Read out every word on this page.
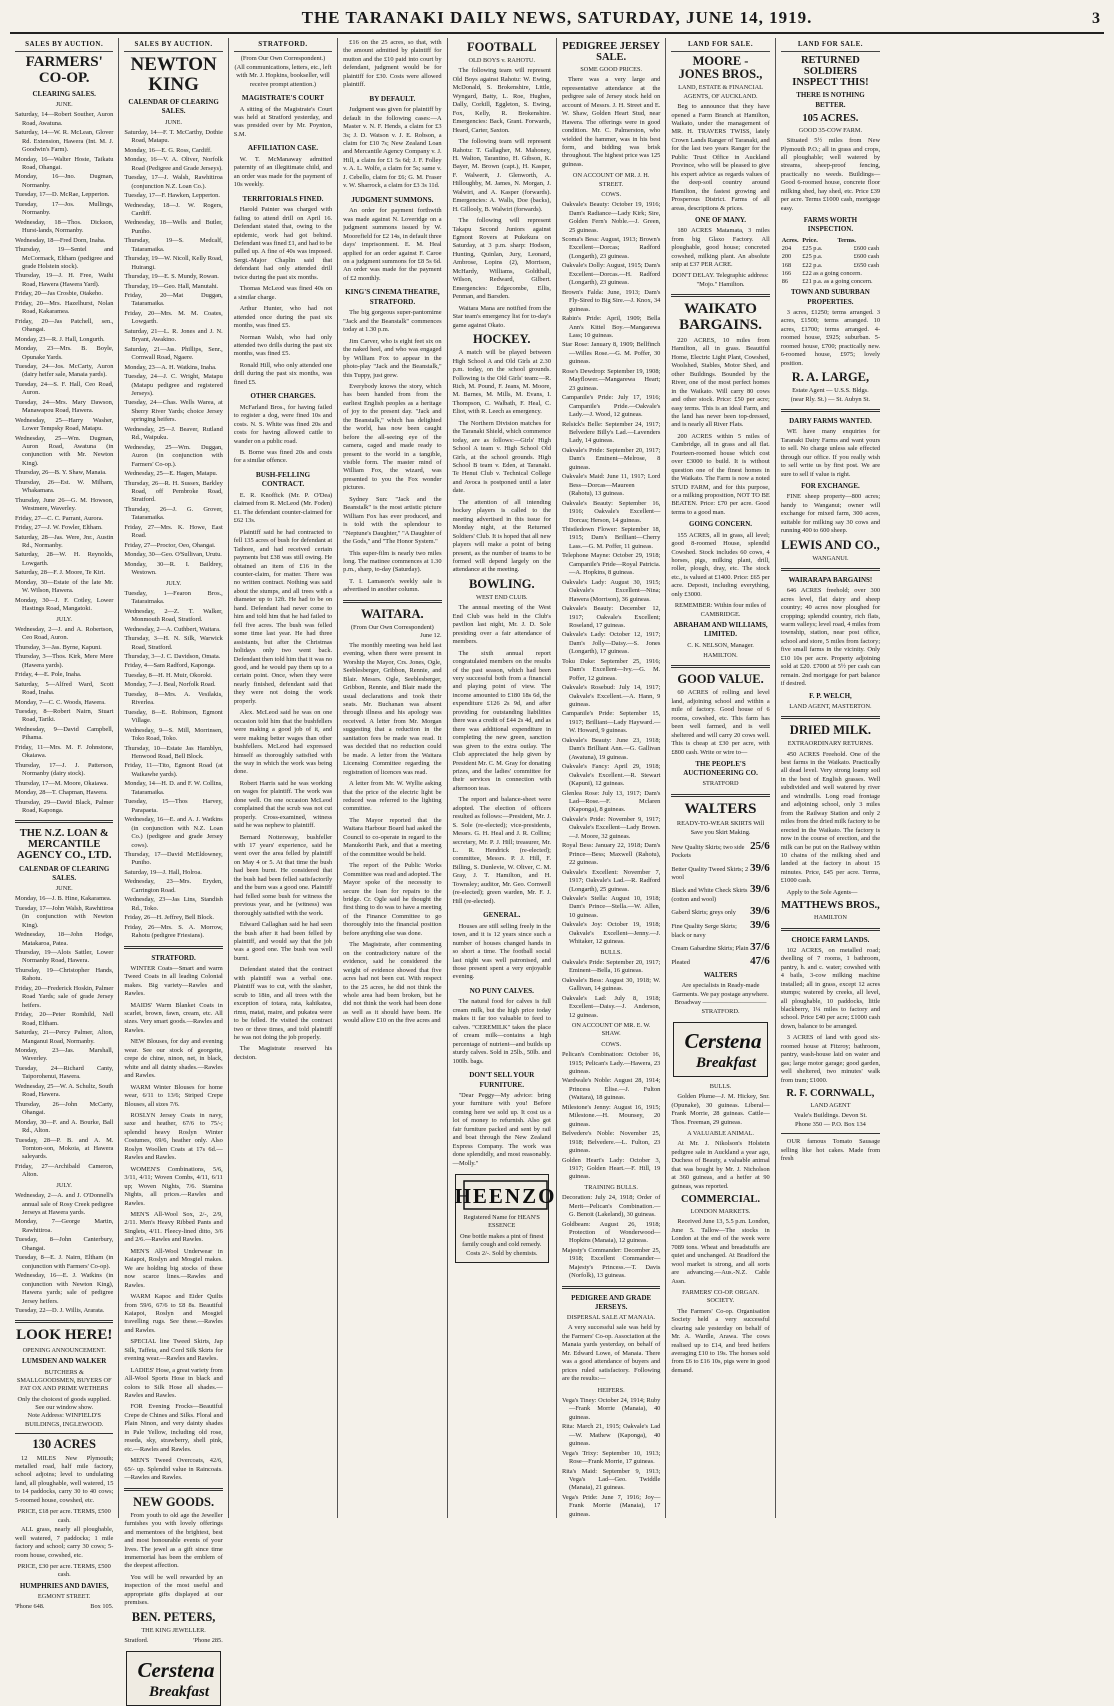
THE TARANAKI DAILY NEWS, SATURDAY, JUNE 14, 1919.	3
SALES BY AUCTION.
FARMERS' CO-OP.
CLEARING SALES.
JUNE.
Saturday, 14—Robert Souther, Auron Road, Awatuna.
Saturday, 14—W. R. McLean, Glover Rd. Extension, Hawera (Int. M. J. Goodwin's Farm).
Monday, 16—Walter Hoste, Taikatu Road, Ohangai.
Monday, 16—Jno. Dugman, Normanby.
Tuesday, 17—D. McRae, Lepperton.
Tuesday, 17—Jos. Mullings, Normanby.
Wednesday, 18—Thos. Dickson, Hurst-lands, Normanby.
Wednesday, 18—Fred Dorn, Inaha.
Thursday, 19—Sentel and McCormack, Eltham (pedigree and grade Holstein stock).
Thursday, 19—J. H. Free, Waihi Road, Hawera (Hawera Yard).
Friday, 20—Jas Crosbie, Otakeho.
Friday, 20—Mrs. Hazelhurst, Nolan Road, Kakaramea.
Friday, 20—Jas Patchell, sen., Ohangai.
Monday, 23—R. J. Hall, Longurth.
Monday, 23—Mrs. B. Boyle, Opunake Yards.
Tuesday, 24—Jos. McCarty, Auron (dairy heifer sale, Manaia yards).
Tuesday, 24—S. F. Hall, Ceo Road, Auron.
Tuesday, 24—Mrs. Mary Dawson, Manawapou Road, Hawera.
Wednesday, 25—Harry Washer, Lower Tempsky Road, Matapu.
Wednesday, 25—Wm. Dugman, Auron Road, Awatuna (in conjunction with Mr. Newton King).
Thursday, 26—B. Y. Shaw, Manaia.
Thursday, 26—Est. W. Milham, Whakamara.
Thursday, June 26—G. M. Howson, Westmere, Waverley.
Friday, 27—C. C. Parrant, Aurora.
Friday, 27—J. W. Fowler, Eltham.
Saturday, 28—Jas. Were, Jnr., Austin Rd., Normanby.
Saturday, 28—W. H. Reynolds, Lowgarth.
Saturday, 28—F. J. Moore, Te Kiri.
Monday, 30—Estate of the late Mr. W. Wilson, Hawera.
Monday, 30—J. F. Cotley, Lower Hastings Road, Mangatoki.
JULY.
Wednesday, 2—J. and A. Robertson, Ceo Road, Auron.
Thursday, 3—Jas. Byrne, Kapuni.
Thursday, 3—Thos. Kirk, Mere Mere (Hawera yards).
Friday, 4—E. Pole, Inaha.
Saturday, 5—Alfred Ward, Scott Road, Inaha.
Monday, 7—C. C. Woods, Hawera.
Tuesday, 8—Robert Nairn, Stuart Road, Tariki.
Wednesday, 9—David Campbell, Pihama.
Friday, 11—Mrs. M. F. Johnstone, Okaiawa.
Thursday, 17—J. J. Patterson, Normanby (dairy stock).
Thursday, 17—M. Moore, Okaiawa.
Monday, 28—T. Chapman, Hawera.
Thursday, 29—David Black, Palmer Road, Kaponga.
THE N.Z. LOAN & MERCANTILE AGENCY CO., LTD.
CALENDAR OF CLEARING SALES.
JUNE.
Monday, 16—J. B. Hine, Kakaramea.
Tuesday, 17—John Walsh, Rawhitiroa (in conjunction with Newton King).
Wednesday, 18—John Hodge, Matakaroa, Patea.
Thursday, 19—Alois Sattler, Lower Normanby Road, Hawera.
Thursday, 19—Christopher Hands, Rahotu.
Friday, 20—Frederick Hoskin, Palmer Road Yards; sale of grade Jersey heifers.
Friday, 20—Peter Romhild, Nell Road, Eltham.
Saturday, 21—Percy Palmer, Alton, Manganui Road, Normanby.
Monday, 23—Jas. Marshall, Waverley.
Tuesday, 24—Richard Canty, Taiporohenui, Hawera.
Wednesday, 25—W. A. Schultz, South Road, Hawera.
Thursday, 26—John McCarty, Ohangai.
Monday, 30—F. and A. Bourke, Ball Rd., Alton.
Tuesday, 28—P. B. and A. M. Tornton-son, Mokoia, at Hawera saleyards.
Friday, 27—Archibald Cameron, Alton.
JULY.
Wednesday, 2—A. and J. O'Donnell's annual sale of Rosy Creek pedigree Jerseys at Hawera yards.
Monday, 7—George Martin, Rawhitiroa.
Tuesday, 8—John Canterbury, Ohangai.
Tuesday, 8—E. J. Nairn, Eltham (in conjunction with Farmers' Co-op).
Wednesday, 16—E. J. Watkins (in conjunction with Newton King), Hawera yards; sale of pedigree Jersey heifers.
Tuesday, 22—D. J. Willis, Ararata.
LOOK HERE!
OPENING ANNOUNCEMENT.
LUMSDEN AND WALKER
BUTCHERS & SMALLGOODSMEN, BUYERS OF FAT OX AND PRIME WETHERS
Only the choicest of goods supplied. See our window show.
Note Address: WINFIELD'S BUILDINGS, INGLEWOOD.
130 ACRES
12 MILES New Plymouth; metalled road, half mile factory, school adjoins; level to undulating land, all ploughable, well watered, 15 to 14 paddocks, carry 30 to 40 cows; 5-roomed house, cowshed, etc.
PRICE, £18 per acre. TERMS, £500 cash.
ALL grass, nearly all ploughable, well watered, 7 paddocks; 1 mile factory and school; carry 30 cows; 5-room house, cowshed, etc.
PRICE, £30 per acre. TERMS, £500 cash.
HUMPHRIES AND DAVIES,
EGMONT STREET.
'Phone 648.	Box 105.
SALES BY AUCTION.
NEWTON KING
CALENDAR OF CLEARING SALES.
JUNE.
Saturday, 14—F. T. McCarthy, Dothie Road, Matapu.
Monday, 16—E. G. Ross, Cardiff.
Monday, 16—V. A. Oliver, Norfolk Road (Pedigree and Grade Jerseys).
Tuesday, 17—J. Walsh, Rawhitiroa (conjunction N.Z. Loan Co.).
Tuesday, 17—F. Hawken, Lepperton.
Wednesday, 18—J. W. Rogers, Cardiff.
Wednesday, 18—Wells and Butler, Puniho.
Thursday, 19—S. Medcalf, Tataramaika.
Thursday, 19—W. Nicoll, Kelly Road, Huirangi.
Thursday, 19—E. S. Mundy, Rowan.
Thursday, 19—Geo. Hall, Manutahi.
Friday, 20—Mat Duggan, Tataramaika.
Friday, 20—Mrs. M. M. Coates, Lowgarth.
Saturday, 21—L. R. Jones and J. N. Bryant, Awakino.
Saturday, 21—Jas. Phillips, Senr., Cornwall Road, Ngaere.
Monday, 23—A. H. Watkins, Inaha.
Tuesday, 24—J. C. Wright, Matapu (Matapu pedigree and registered Jerseys).
Tuesday, 24—Chas. Wells Warea, at Sherry River Yards; choice Jersey springing heifers.
Wednesday, 25—J. Beaver, Rutland Rd., Waipuku.
Wednesday, 25—Wm. Duggan, Auron (in conjunction with Farmers' Co-op.).
Wednesday, 25—E. Hagen, Matapu.
Thursday, 26—R. H. Sussex, Barkley Road, off Pembroke Road, Stratford.
Thursday, 26—J. G. Grover, Tataramaika.
Friday, 27—Mrs. K. Howe, East Road.
Friday, 27—Proctor, Oeo, Ohangai.
Monday, 30—Geo. O'Sullivan, Urutu.
Monday, 30—R. I. Baildrey, Westown.
JULY.
Tuesday, 1—Fearon Bros., Tataraimaka.
Wednesday, 2—Z. T. Walker, Monmouth Road, Stratford.
Wednesday, 2—A. Cuthbert, Waitara.
Thursday, 3—H. N. Silk, Warwick Road, Stratford.
Thursday, 3—J. C. Davidson, Omata.
Friday, 4—Sam Radford, Kaponga.
Tuesday, 8—H. H. Muir, Okoroki.
Monday, 7—J. Beal, Norfolk Road.
Tuesday, 8—Mrs. A. Vesilakis, Riverlea.
Tuesday, 8—E. Robinson, Egmont Village.
Wednesday, 9—S. Mill, Morrinsen, Toko Road, Toko.
Thursday, 10—Estate Jas Hamblyn, Henwood Road, Bell Block.
Friday, 11—Tito, Egmont Road (at Waikawhe yards).
Monday, 14—H. D. and F. W. Collins, Tataramaika.
Tuesday, 15—Thos Harvey, Parapaeta.
Wednesday, 16—E. and A. J. Watkins (in conjunction with N.Z. Loan Co.) (pedigree and grade Jersey cows).
Thursday, 17—David McEldowney, Puniho.
Saturday, 19—J. Hall, Holroa.
Wednesday, 23—Mrs. Eryden, Carrington Road.
Wednesday, 23—Jas Lins, Standish Rd., Toko.
Friday, 26—H. Jeffrey, Bell Block.
Friday, 26—Mrs. S. A. Morrow, Rahotu (pedigree Friesians).
STRATFORD.
WINTER Coats—Smart and warm Tweed Coats in all leading Colonial makes. Big variety—Rawles and Rawles.
MAIDS' Warm Blanket Coats in scarlet, brown, fawn, cream, etc. All sizes. Very smart goods.—Rawles and Rawles.
NEW Blouses, for day and evening wear. See our stock of georgette, crepe de chine, ninon, net, in black, white and all dainty shades.—Rawles and Rawles.
WARM Winter Blouses for home wear, 6/11 to 13/6; Striped Crepe Blouses, all sizes 7/6.
ROSLYN Jersey Coats in navy, saxe and heather, 67/6 to 75/-; splendid heavy Roslyn Winter Costumes, 69/6, heather only. Also Roslyn Woollen Coats at 17s 6d.—Rawles and Rawles.
WOMEN'S Combinations, 5/6, 3/11, 4/11; Woven Combs, 4/11, 6/11 up; Woven Nights, 7/6. Stamina Nights, all prices.—Rawles and Rawles.
MEN'S All-Wool Sox, 2/-, 2/9, 2/11. Men's Heavy Ribbed Pants and Singlets, 4/11. Fleecy-lined ditto, 3/6 and 2/6.—Rawles and Rawles.
MEN'S All-Wool Underwear in Kaiapoi, Roslyn and Mosgiel makes. We are holding big stocks of these now scarce lines.—Rawles and Rawles.
WARM Kapoc and Eider Quilts from 59/6, 67/6 to £8 8s. Beautiful Kaiapoi, Roslyn and Mosgiel travelling rugs. See these.—Rawles and Rawles.
SPECIAL line Tweed Skirts, Jap Silk, Taffeta, and Cord Silk Skirts for evening wear.—Rawles and Rawles.
LADIES' Hose, a great variety from All-Wool Sports Hose in black and colors to Silk Hose all shades.—Rawles and Rawles.
FOR Evening Frocks—Beautiful Crepe de Chines and Silks. Floral and Plain Ninon, and very dainty shades in Pale Yellow, including old rose, reseda, sky, strawberry, shell pink, etc.—Rawles and Rawles.
MEN'S Tweed Overcoats, 42/6, 65/- up. Splendid value in Raincoats.—Rawles and Rawles.
NEW GOODS.
From youth to old age the Jeweller furnishes you with lovely offerings and mementoes of the brightest, best and most honourable events of your lives. The jewel as a gift since time immemorial has been the emblem of the deepest affection.
You will be well rewarded by an inspection of the most useful and appropriate gifts displayed at our premises.
BEN. PETERS,
THE KING JEWELLER.
Stratford.	'Phone 285.
Cerstena
Breakfast
STRATFORD.
(From Our Own Correspondent.)
(All communications, letters, etc., left with Mr. J. Hopkins, bookseller, will receive prompt attention.)
MAGISTRATE'S COURT
A sitting of the Magistrate's Court was held at Stratford yesterday, and was presided over by Mr. Poynton, S.M.
AFFILIATION CASE.
W. T. McManaway admitted paternity of an illegitimate child, and an order was made for the payment of 10s weekly.
TERRITORIALS FINED.
Harold Painter was charged with failing to attend drill on April 16. Defendant stated that, owing to the epidemic, work had got behind. Defendant was fined £1, and had to be pulled up. A fine of 40s was imposed. Sergt.-Major Chaplin said that defendant had only attended drill twice during the past six months.
Thomas McLeod was fined 40s on a similar charge.
Arthur Hunter, who had not attended once during the past six months, was fined £5.
Norman Walsh, who had only attended two drills during the past six months, was fined £5.
Ronald Hill, who only attended one drill during the past six months, was fined £5.
OTHER CHARGES.
McFarland Bros., for having failed to register a dog, were fined 10s and costs. N. S. White was fined 20s and costs for having allowed cattle to wander on a public road.
B. Borne was fined 20s and costs for a similar offence.
BUSH-FELLING CONTRACT.
E. R. Knoffick (Mr. P. O'Dea) claimed from R. McLeod (Mr. Foden) £1. The defendant counter-claimed for £62 13s.
Plaintiff said he had contracted to fell 135 acres of bush for defendant at Taihore, and had received certain payments but £38 was still owing. He obtained an item of £16 in the counter-claim, for matter. There was no written contract. Nothing was said about the stumps, and all trees with a diameter up to 12ft. He had to be on hand. Defendant had never come to him and told him that he had failed to fell five acres. The bush was felled some time last year. He had three assistants, but after the Christmas holidays only two went back. Defendant then told him that it was no good, and he would pay them up to a certain point. Once, when they were nearly finished, defendant said that they were not doing the work properly.
Alex. McLeod said he was on one occasion told him that the bushfellers were making a good job of it, and were making better wages than other bushfellers. McLeod had expressed himself as thoroughly satisfied with the way in which the work was being done.
Robert Harris said he was working on wages for plaintiff. The work was done well. On one occasion McLeod complained that the scrub was not cut properly. Cross-examined, witness said he was nephew to plaintiff.
Bernard Nottersway, bushfeller with 17 years' experience, said he went over the area felled by plaintiff on May 4 or 5. At that time the bush had been burnt. He considered that the bush had been felled satisfactorily and the burn was a good one. Plaintiff had felled some bush for witness the previous year, and he (witness) was thoroughly satisfied with the work.
Edward Callaghan said he had seen the bush after it had been felled by plaintiff, and would say that the job was a good one. The bush was well burnt.
Defendant stated that the contract with plaintiff was a verbal one. Plaintiff was to cut, with the slasher, scrub to 18in, and all trees with the exception of totara, rata, kahikatea, rimu, matai, maire, and pukatea were to be felled. He visited the contract two or three times, and told plaintiff he was not doing the job properly.
The Magistrate reserved his decision.
£16 on the 25 acres, so that, with the amount admitted by plaintiff for mutton and the £10 paid into court by defendant, judgment would be for plaintiff for £30. Costs were allowed plaintiff.
BY DEFAULT.
Judgment was given for plaintiff by default in the following cases:—A Master v. N. F. Hends, a claim for £3 3s; J. D. Watson v. J. E. Robson, a claim for £10 7s; New Zealand Loan and Mercantile Agency Company v. J. Hill, a claim for £1 5s 6d; J. F. Folley v. A. L. Wolfe, a claim for 5s; same v. J. Cebello, claim for £6; G. M. Fraser v. W. Sharrock, a claim for £3 3s 11d.
JUDGMENT SUMMONS.
An order for payment forthwith was made against N. Loveridge on a judgment summons issued by W. Moorefield for £2 14s, in default three days' imprisonment. E. M. Heal applied for an order against F. Caroe on a judgment summons for £8 5s 6d. An order was made for the payment of £2 monthly.
KING'S CINEMA THEATRE, STRATFORD.
The big gorgeous super-pantomime "Jack and the Beanstalk" commences today at 1.30 p.m.
Jim Carver, who is eight feet six on the naked heel, and who was engaged by William Fox to appear in the photo-play "Jack and the Beanstalk," this Tuppy, just grew.
Everybody knows the story, which has been handed from from the earliest English peoples as a heritage of joy to the present day. "Jack and the Beanstalk," which has delighted the world, has now been caught before the all-seeing eye of the camera, caged and made ready to present to the world in a tangible, visible form. The master mind of William Fox, the wizard, was presented to you the Fox wonder pictures.
Sydney Sun: "Jack and the Beanstalk" is the most artistic picture William Fox has ever produced, and is told with the splendour to "Neptune's Daughter," "A Daughter of the Gods," and "The Honor System."
This super-film is nearly two miles long. The matinee commences at 1.30 p.m., sharp, to-day (Saturday).
T. I. Lamason's weekly sale is advertised in another column.
WAITARA.
(From Our Own Correspondent)
June 12.
The monthly meeting was held last evening, when there were present in Worship the Mayor, Crs. Jones, Ogle, Seeblesberger, Gribbon, Rennie, and Blair. Messrs. Ogle, Seeblesberger, Gribbon, Rennie, and Blair made the usual declarations and took their seats. Mr. Buchanan was absent through illness and his apology was received. A letter from Mr. Morgan suggesting that a reduction in the sanitation fees be made was read. It was decided that no reduction could be made. A letter from the Waitara Licensing Committee regarding the registration of licences was read.
A letter from Mr. W. Wyllie asking that the price of the electric light be reduced was referred to the lighting committee.
The Mayor reported that the Waitara Harbour Board had asked the Council to co-operate in regard to the Manukorihi Park, and that a meeting of the committee would be held.
The report of the Public Works Committee was read and adopted. The Mayor spoke of the necessity to secure the loan for repairs to the bridge. Cr. Ogle said he thought the first thing to do was to have a meeting of the Finance Committee to go thoroughly into the financial position before anything else was done.
The Magistrate, after commenting on the contradictory nature of the evidence, said he considered the weight of evidence showed that five acres had not been cut. With respect to the 25 acres, he did not think the whole area had been broken, but he did not think the work had been done as well as it should have been. He would allow £10 on the five acres and
FOOTBALL
OLD BOYS v. RAHOTU.
The following team will represent Old Boys against Rahotu: W. Ewing, McDonald, S. Brokenshire, Little, Wyngard, Batty, L. Roe, Hughes, Dally, Corkill, Eggleton, S. Ewing, Fox, Kelly, R. Brokenshire. Emergencies: Back, Grant. Forwards, Heard, Carter, Saxton.
The following team will represent Rahotu: T. Gallagher, M. Mahoney, H. Walton, Tarantino, H. Gibson, K. Bayer, M. Brown (capt.), H. Kasper, F. Walwerit, J. Glenworth, A. Hilloughby, M. James, N. Morgan, J. Walwiri, and A. Kasper (forwards). Emergencies: A. Walls, Doe (backs), H. Gillooly, B. Walwiri (forwards).
The following will represent Takapu Second Juniors against Egmont Rovers at Pukekura on Saturday, at 3 p.m. sharp: Hodson, Hunting, Quinlan, Jury, Leonard, Ambrose, Lopins (2), Morrison, McHardy, Williams, Goldthall, Wilson, Redward, Gilbert. Emergencies: Edgecombe, Ellis, Penman, and Barsden.
Waitara Mana are notified from the Star team's emergency list for to-day's game against Okato.
HOCKEY.
A match will be played between High School A and Old Girls at 2.30 p.m. today, on the school grounds. Following is the Old Girls' team:—R. Rich, M. Pound, F. Jeans, M. Moore, M. Barnes, M. Mills, M. Evans, I. Thompson, C. Walbath, F. Heal, C. Eliot, with R. Leech as emergency.
The Northern Division matches for the Taranaki Shield, which commence today, are as follows:—Girls' High School A team v. High School Old Girls, at the school grounds. High School B team v. Eden, at Taranaki. Te Henui Club v. Technical College and Avoca is postponed until a later date.
The attention of all intending hockey players is called to the meeting advertised in this issue for Monday night, at the Returned Soldiers' Club. It is hoped that all new players will make a point of being present, as the number of teams to be formed will depend largely on the attendance at the meeting.
BOWLING.
WEST END CLUB.
The annual meeting of the West End Club was held in the Club's pavilion last night, Mr. J. D. Sole presiding over a fair attendance of members.
The sixth annual report congratulated members on the results of the past season, which had been very successful both from a financial and playing point of view. The income amounted to £180 18s 6d, the expenditure £126 2s 9d, and after providing for outstanding liabilities there was a credit of £44 2s 4d, and as there was additional expenditure in completing the new green, sanction was given to the extra outlay. The Club appreciated the help given by President Mr. C. M. Gray for donating prizes, and the ladies' committee for their services in connection with afternoon teas.
The report and balance-sheet were adopted. The election of officers resulted as follows:—President, Mr. J. S. Sole (re-elected); vice-presidents, Messrs. G. H. Heal and J. R. Collins; secretary, Mr. P. J. Hill; treasurer, Mr. L. R. Hendrick (re-elected); committee, Messrs. P. J. Hill, F. Billing, S. Dunlevie, W. Oliver, C. M. Gray, J. T. Hamilton, and H. Townsley; auditor, Mr. Geo. Cornwell (re-elected); green warden, Mr. F. J. Hill (re-elected).
GENERAL.
Houses are still selling freely in the town, and it is 12 years since such a number of houses changed hands in so short a time. The football social last night was well patronised, and those present spent a very enjoyable evening.
NO PUNY CALVES.
The natural food for calves is full cream milk, but the high price today makes it far too valuable to feed to calves. "CEREMILK" takes the place of cream milk—contains a high percentage of nutrient—and builds up sturdy calves. Sold in 25lb., 50lb. and 100lb. bags.
DON'T SELL YOUR FURNITURE.
"Dear Peggy—My advice: bring your furniture with you! Before coming here we sold up. It cost us a lot of money to refurnish. Also got fair furniture packed and sent by rail and boat through the New Zealand Express Company. The work was done splendidly, and most reasonably.—Molly."
HEENZO
Registered Name for HEAN'S ESSENCE
One bottle makes a pint of finest family cough and cold remedy. Costs 2/-. Sold by chemists.
PEDIGREE JERSEY SALE.
SOME GOOD PRICES.
There was a very large and representative attendance at the pedigree sale of Jersey stock held on account of Messrs. J. H. Street and E. W. Shaw, Golden Heart Stud, near Hawera. The offerings were in good condition. Mr. C. Palmerston, who wielded the hammer, was in his best form, and bidding was brisk throughout. The highest price was 125 guineas.
ON ACCOUNT OF MR. J. H. STREET.
COWS.
Oakvale's Beauty: October 19, 1916; Dam's Radiance—Lady Kirk; Sire, Golden Fern's Noble.—J. Green, 25 guineas.
Scoma's Bess: August, 1913; Brown's Excellent—Dorcas; Radford (Longarth), 23 guineas.
Oakvale's Dolly: August, 1915; Dam's Excellent—Dorcas.—H. Radford (Longarth), 23 guineas.
Brown's Falda: June, 1913; Dam's Fly-Sired to Big Sire.—J. Knox, 34 guineas.
Rabin's Pride: April, 1909; Bella Ann's Kittel Boy.—Mangarewa Lass; 10 guineas.
Star Rose: January 8, 1909; Bellfinch—Willes Rose.—G. M. Poffer, 30 guineas.
Rose's Dewdrop: September 19, 1908; Mayflower.—Mangarewa Heart; 23 guineas.
Campanile's Pride: July 17, 1916; Campanile's Pride.—Oakvale's Lady.—J. Wood, 12 guineas.
Relsick's Belle: September 24, 1917; Belvedere Billy's Lad.—Lavenders Lady, 14 guineas.
Oakvale's Pride: September 20, 1917; Dam's Eminent—Melrose, 8 guineas.
Oakvale's Maid: June 11, 1917; Lord Bess—Dorcas—Maureen (Rahotu), 13 guineas.
Oakvale's Beauty: September 16, 1916; Oakvale's Excellent—Dorcas; Herson, 14 guineas.
Thistledown Flower: September 18, 1915; Dam's Brilliant—Cherry Lass.—G. M. Poffer, 11 guineas.
Telephone Mayne: October 29, 1918; Campanile's Pride—Royal Patricia.—A. Hopkins, 8 guineas.
Oakvale's Lady: August 30, 1915; Oakvale's Excellent—Nina; Hawera (Morrison), 36 guineas.
Oakvale's Beauty: December 12, 1917; Oakvale's Excellent; Roseland, 17 guineas.
Oakvale's Lady: October 12, 1917; Dam's Jolly—Daisy.—S. Jones (Longarth), 17 guineas.
Toku Duke: September 25, 1916; Dam's Excellent—Ivy.—G. M. Poffer, 12 guineas.
Oakvale's Rosebud: July 14, 1917; Oakvale's Excellent.—A. Hann, 9 guineas.
Campanile's Pride: September 15, 1917; Brilliant—Lady Hayward.—W. Howard, 9 guineas.
Oakvale's Beauty: June 23, 1918; Dam's Brilliant Ann.—G. Gallivan (Awatuna), 19 guineas.
Oakvale's Fancy: April 29, 1918; Oakvale's Excellent.—R. Stewart (Kapuni), 12 guineas.
Glenlea Rose: July 13, 1917; Dam's Lad—Rose.—F. Mclaren (Kaponga), 8 guineas.
Oakvale's Pride: November 9, 1917; Oakvale's Excellent—Lady Brown.—J. Moore, 32 guineas.
Royal Bess: January 22, 1918; Dam's Prince—Bess; Maxwell (Rahotu), 22 guineas.
Oakvale's Excellent: November 7, 1917; Oakvale's Lad.—R. Radford (Longarth), 25 guineas.
Oakvale's Stella: August 10, 1918; Dam's Prince—Stella.—W. Allen, 10 guineas.
Oakvale's Joy: October 19, 1918; Oakvale's Excellent—Jenny.—J. Whitaker, 12 guineas.
BULLS.
Oakvale's Pride: September 20, 1917; Eminent—Bella, 16 guineas.
Oakvale's Bess: August 30, 1918; W. Gallivan, 14 guineas.
Oakvale's Lad: July 8, 1918; Excellent—Daisy.—J. Anderson, 12 guineas.
ON ACCOUNT OF MR. E. W. SHAW.
COWS.
Pelican's Combination: October 16, 1915; Pelican's Lady.—Hawera, 23 guineas.
Wardwale's Noble: August 28, 1914; Princess Elise.—J. Fulton (Waitara), 18 guineas.
Milestone's Jenny: August 16, 1915; Milestone.—H. Mounsey, 20 guineas.
Belvedere's Noble: November 25, 1918; Belvedere.—L. Fulton, 23 guineas.
Golden Heart's Lady: October 3, 1917; Golden Heart.—F. Hill, 19 guineas.
TRAINING BULLS.
Decoration: July 24, 1918; Order of Merit—Pelican's Combination.—G. Benoit (Lakeland), 30 guineas.
Goldbeam: August 26, 1918; Protection of Wonderwood—Hopkins (Manaia), 12 guineas.
Majesty's Commander: December 25, 1918; Excellent Commander—Majesty's Princess.—T. Davis (Norfolk), 13 guineas.
PEDIGREE AND GRADE JERSEYS.
DISPERSAL SALE AT MANAIA.
A very successful sale was held by the Farmers' Co-op. Association at the Manaia yards yesterday, on behalf of Mr. Edward Lowe, of Manaia. There was a good attendance of buyers and prices ruled satisfactory. Following are the results:—
HEIFERS.
Vega's Tiney: October 24, 1914; Ruby—Frank Morrie (Manaia), 40 guineas.
Rita: March 21, 1915; Oakvale's Lad—W. Mathew (Kaponga), 40 guineas.
Vega's Trixy: September 10, 1913; Rose—Frank Morrie, 17 guineas.
Rita's Maid: September 9, 1913; Vega's Lad—Geo. Twiddle (Manaia), 21 guineas.
Vega's Pride: June 7, 1916; Joy—Frank Morrie (Manaia), 17 guineas.
LAND FOR SALE.
MOORE - JONES BROS.,
LAND, ESTATE & FINANCIAL AGENTS, OF AUCKLAND.
Beg to announce that they have opened a Farm Branch at Hamilton, Waikato, under the management of MR. H. TRAVERS TWISS, lately Crown Lands Ranger of Taranaki, and for the last two years Ranger for the Public Trust Office in Auckland Province, who will be pleased to give his expert advice as regards values of the deep-soil country around Hamilton, the fastest growing and Prosperous District. Farms of all areas, descriptions & prices.
ONE OF MANY.
180 ACRES Matamata, 3 miles from big Glaxo Factory. All ploughable, good house; concreted cowshed, milking plant. An absolute snip at £37 PER ACRE.
DON'T DELAY. Telegraphic address: "Mojo." Hamilton.
WAIKATO BARGAINS.
220 ACRES, 10 miles from Hamilton, all in grass. Beautiful Home, Electric Light Plant, Cowshed, Woolshed, Stables, Motor Shed, and other Buildings. Bounded by the River, one of the most perfect homes in the Waikato. Will carry 80 cows and other stock. Price: £50 per acre; easy terms. This is an ideal Farm, and the land has never been top-dressed, and is nearly all River Flats.
200 ACRES within 5 miles of Cambridge, all in grass and all flat. Fourteen-roomed house which cost over £3000 to build. It is without question one of the finest homes in the Waikato. The Farm is now a noted STUD FARM, and for this purpose, or a milking proposition, NOT TO BE BEATEN. Price: £70 per acre. Good terms to a good man.
GOING CONCERN.
155 ACRES, all in grass, all level; good 8-roomed House, splendid Cowshed. Stock includes 60 cows, 4 horses, pigs, milking plant, drill, roller, plough, dray, etc. The stock etc., is valued at £1400. Price: £65 per acre. Deposit, including everything, only £3000.
REMEMBER: Within four miles of CAMBRIDGE.
ABRAHAM AND WILLIAMS, LIMITED.
C. K. NELSON, Manager.
HAMILTON.
GOOD VALUE.
60 ACRES of rolling and level land, adjoining school and within a mile of factory. Good house of 6 rooms, cowshed, etc. This farm has been well farmed, and is well sheltered and will carry 20 cows well. This is cheap at £30 per acre, with £800 cash. Write or wire to—
THE PEOPLE'S AUCTIONEERING CO.
STRATFORD
WALTERS
READY-TO-WEAR SKIRTS Will Save you Skirt Making.
New Quality Skirts; two side Pockets
25/6
Better Quality Tweed Skirts; 2 wool
39/6
Black and White Check Skirts (cotton and wool)
39/6
Gaberd Skirts; greys only 39/6
Fine Quality Serge Skirts; black or navy
39/6
Cream Gabardine Skirts; Plain 37/6
Pleated	47/6
WALTERS
Are specialists in Ready-made Garments. We pay postage anywhere.
Broadway —————————— STRATFORD.
Cerstena
Breakfast
BULLS.
Golden Plume—J. M. Hickey, Snr. (Opunake), 30 guineas. Liberal—Frank Morrie, 28 guineas. Cattle—Thos. Freeman, 29 guineas.
A VALUABLE ANIMAL.
At Mr. J. Nikolson's Holstein pedigree sale in Auckland a year ago, Duchess of Beauty, a valuable animal that was bought by Mr. J. Nicholson at 360 guineas, and a heifer at 90 guineas, was reported.
COMMERCIAL.
LONDON MARKETS.
Received June 13, 5.5 p.m. London, June 5. Tallow—The stocks in London at the end of the week were 7089 tons. Wheat and breadstuffs are quiet and unchanged. At Bradford the wool market is strong, and all sorts are advancing.—Aus.-N.Z. Cable Assn.
FARMERS' CO-OP. ORGAN. SOCIETY.
The Farmers' Co-op. Organisation Society held a very successful clearing sale yesterday on behalf of Mr. A. Wardle, Arawa. The cows realised up to £14, and bred heifers averaging £10 to 19s. The horses sold from £6 to £16 10s, pigs were in good demand.
LAND FOR SALE.
RETURNED SOLDIERS INSPECT THIS!
THERE IS NOTHING BETTER.
105 ACRES.
GOOD 35-COW FARM.
Situated 5½ miles from New Plymouth P.O.; all in grass and crops, all ploughable; well watered by streams, sheep-proof fencing, practically no weeds. Buildings—Good 6-roomed house, concrete floor milking shed, hay shed, etc. Price £39 per acre. Terms £1000 cash, mortgage easy.
FARMS WORTH INSPECTION.
Acres.	Price.	Terms.
204	£25 p.a.	£600 cash
200	£25 p.a.	£600 cash
168	£22 p.a.	£650 cash
166	£22 as a going concern.	
86	£21 p.a. as a going concern.	
TOWN AND SUBURBAN PROPERTIES.
3 acres, £1250; terms arranged. 3 acres, £1500; terms arranged. 10 acres, £1700; terms arranged. 4-roomed house, £925; suburban. 5-roomed house, £700; practically new. 6-roomed house, £975; lovely position.
R. A. LARGE,
Estate Agent — U.S.S. Bldgs.
(near Rly. St.) — St. Aubyn St.
DAIRY FARMS WANTED.
WE have many enquiries for Taranaki Dairy Farms and want yours to sell. No charge unless sale effected through our office. If you really wish to sell write us by first post. We are sure to sell if value is right.
FOR EXCHANGE.
FINE sheep property—800 acres; handy to Wanganui; owner will exchange for mixed farm, 300 acres, suitable for milking say 30 cows and running 400 to 600 sheep.
LEWIS AND CO.,
WANGANUI.
WAIRARAPA BARGAINS!
646 ACRES freehold; over 300 acres level, flat dairy and sheep country; 40 acres now ploughed for cropping; splendid country, rich flats, warm valleys; level road, 4 miles from township, station, near post office, school and store, 5 miles from factory; five small farms in the vicinity. Only £10 10s per acre. Property adjoining sold at £20. £7000 at 5½ per cash can remain. 2nd mortgage for part balance if desired.
F. P. WELCH,
LAND AGENT, MASTERTON.
DRIED MILK.
EXTRAORDINARY RETURNS.
450 ACRES Freehold. One of the best farms in the Waikato. Practically all dead level. Very strong loamy soil in the best of English grasses. Well subdivided and well watered by river and windmills. Long road frontage and adjoining school, only 3 miles from the Railway Station and only 2 miles from the dried milk factory to be erected in the Waikato. The factory is now in the course of erection, and the milk can be put on the Railway within 10 chains of the milking shed and landed at the factory in about 15 minutes. Price, £45 per acre. Terms, £1000 cash.
Apply to the Sole Agents—
MATTHEWS BROS.,
HAMILTON
CHOICE FARM LANDS.
102 ACRES, on metalled road; dwelling of 7 rooms, 1 bathroom, pantry, h. and c. water; cowshed with 4 bails, 3-cow milking machine installed; all in grass, except 12 acres stumps; watered by creeks, all level, all ploughable, 10 paddocks, little blackberry, 1¼ miles to factory and school. Price £40 per acre; £1000 cash down, balance to be arranged.
3 ACRES of land with good six-roomed house at Fitzroy; bathroom, pantry, wash-house laid on water and gas; large motor garage; good garden, well sheltered, two minutes' walk from tram; £1000.
R. F. CORNWALL,
LAND AGENT
Veale's Buildings. Devon St.
Phone 350 — P.O. Box 134
OUR famous Tomato Sausage selling like hot cakes. Made from fresh
